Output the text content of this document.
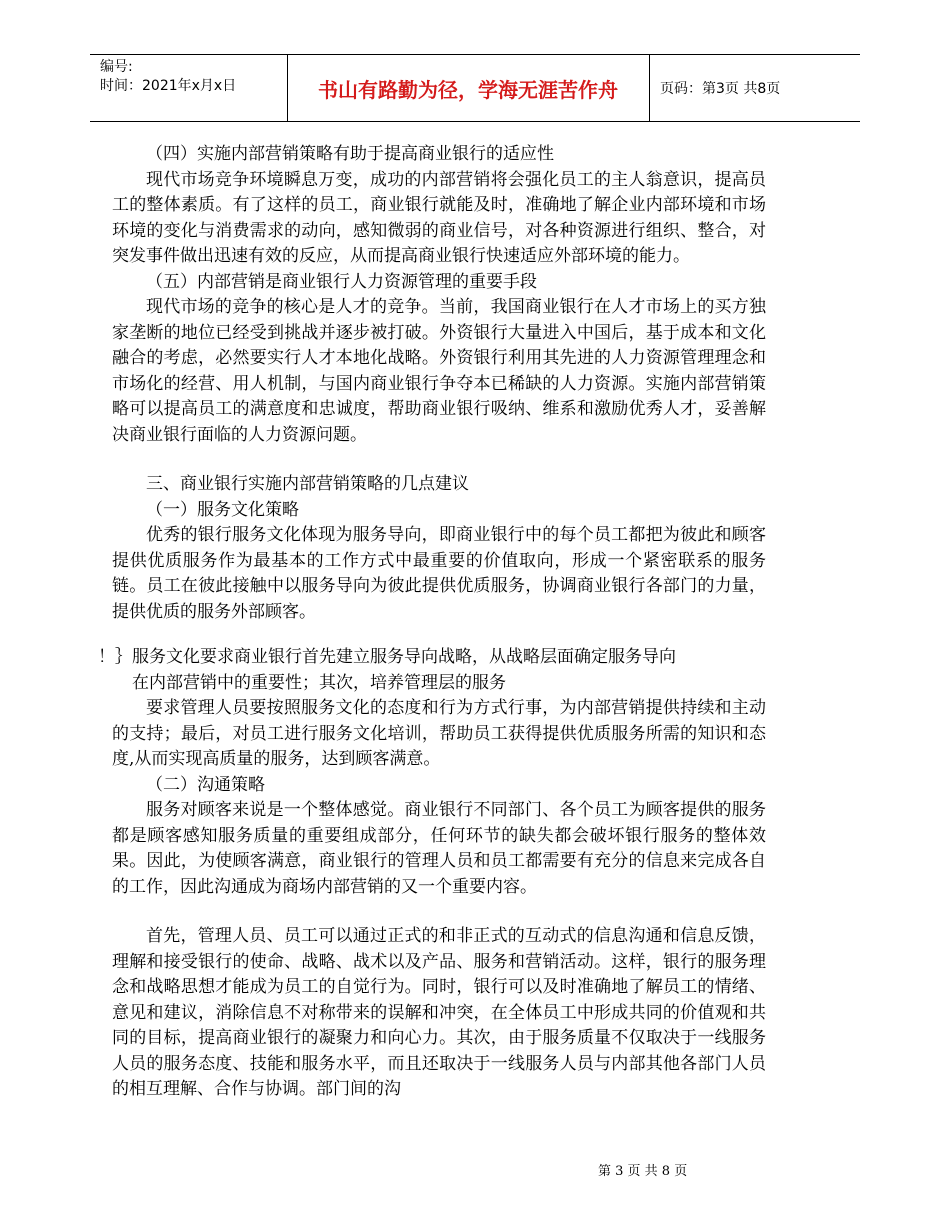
编号:
时间：2021年x月x日	书山有路勤为径，学海无涯苦作舟	页码：第3页 共8页

（四）实施内部营销策略有助于提高商业银行的适应性

现代市场竞争环境瞬息万变，成功的内部营销将会强化员工的主人翁意识，提高员工的整体素质。有了这样的员工，商业银行就能及时，准确地了解企业内部环境和市场环境的变化与消费需求的动向，感知微弱的商业信号，对各种资源进行组织、整合，对突发事件做出迅速有效的反应，从而提高商业银行快速适应外部环境的能力。

（五）内部营销是商业银行人力资源管理的重要手段

现代市场的竞争的核心是人才的竞争。当前，我国商业银行在人才市场上的买方独家垄断的地位已经受到挑战并逐步被打破。外资银行大量进入中国后，基于成本和文化融合的考虑，必然要实行人才本地化战略。外资银行利用其先进的人力资源管理理念和市场化的经营、用人机制，与国内商业银行争夺本已稀缺的人力资源。实施内部营销策略可以提高员工的满意度和忠诚度，帮助商业银行吸纳、维系和激励优秀人才，妥善解决商业银行面临的人力资源问题。

三、商业银行实施内部营销策略的几点建议

（一）服务文化策略

优秀的银行服务文化体现为服务导向，即商业银行中的每个员工都把为彼此和顾客提供优质服务作为最基本的工作方式中最重要的价值取向，形成一个紧密联系的服务链。员工在彼此接触中以服务导向为彼此提供优质服务，协调商业银行各部门的力量，提供优质的服务外部顾客。

！｝服务文化要求商业银行首先建立服务导向战略，从战略层面确定服务导向
在内部营销中的重要性；其次，培养管理层的服务

要求管理人员要按照服务文化的态度和行为方式行事，为内部营销提供持续和主动的支持；最后，对员工进行服务文化培训，帮助员工获得提供优质服务所需的知识和态度,从而实现高质量的服务，达到顾客满意。

（二）沟通策略

服务对顾客来说是一个整体感觉。商业银行不同部门、各个员工为顾客提供的服务都是顾客感知服务质量的重要组成部分，任何环节的缺失都会破坏银行服务的整体效果。因此，为使顾客满意，商业银行的管理人员和员工都需要有充分的信息来完成各自的工作，因此沟通成为商场内部营销的又一个重要内容。

首先，管理人员、员工可以通过正式的和非正式的互动式的信息沟通和信息反馈，理解和接受银行的使命、战略、战术以及产品、服务和营销活动。这样，银行的服务理念和战略思想才能成为员工的自觉行为。同时，银行可以及时准确地了解员工的情绪、意见和建议，消除信息不对称带来的误解和冲突，在全体员工中形成共同的价值观和共同的目标，提高商业银行的凝聚力和向心力。其次，由于服务质量不仅取决于一线服务人员的服务态度、技能和服务水平，而且还取决于一线服务人员与内部其他各部门人员的相互理解、合作与协调。部门间的沟

第 3 页 共 8 页
